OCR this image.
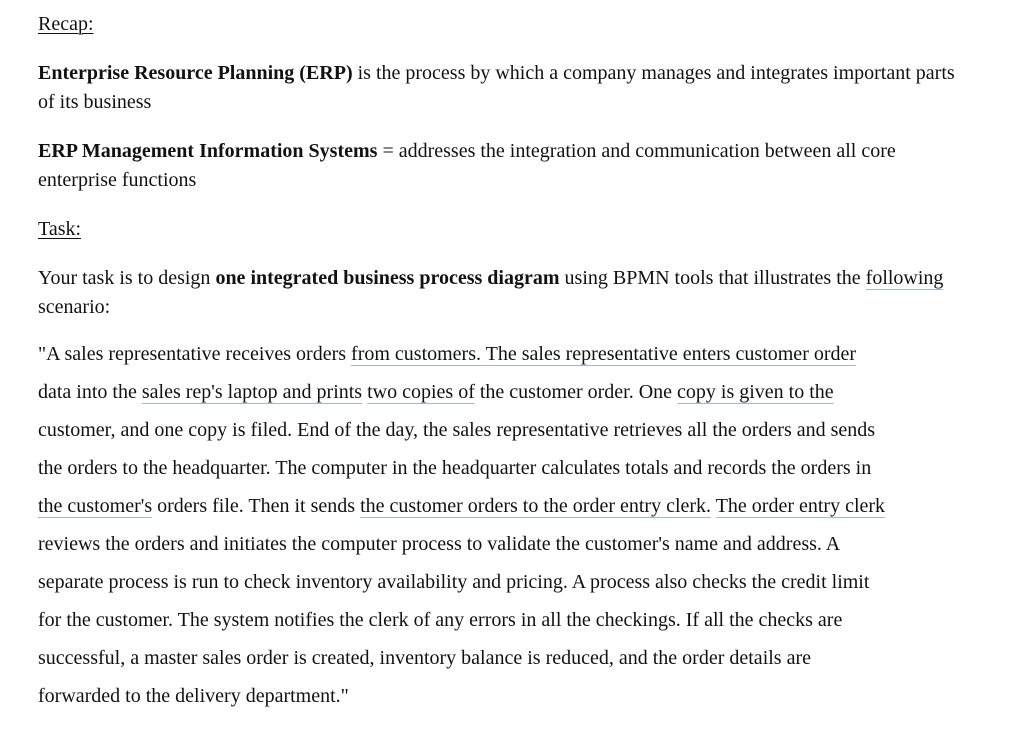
Recap:
Enterprise Resource Planning (ERP) is the process by which a company manages and integrates important parts of its business
ERP Management Information Systems = addresses the integration and communication between all core enterprise functions
Task:
Your task is to design one integrated business process diagram using BPMN tools that illustrates the following scenario:
"A sales representative receives orders from customers. The sales representative enters customer order
data into the sales rep's laptop and prints two copies of the customer order. One copy is given to the
customer, and one copy is filed. End of the day, the sales representative retrieves all the orders and sends
the orders to the headquarter. The computer in the headquarter calculates totals and records the orders in
the customer's orders file. Then it sends the customer orders to the order entry clerk. The order entry clerk
reviews the orders and initiates the computer process to validate the customer's name and address. A
separate process is run to check inventory availability and pricing. A process also checks the credit limit
for the customer. The system notifies the clerk of any errors in all the checkings. If all the checks are
successful, a master sales order is created, inventory balance is reduced, and the order details are
forwarded to the delivery department."
